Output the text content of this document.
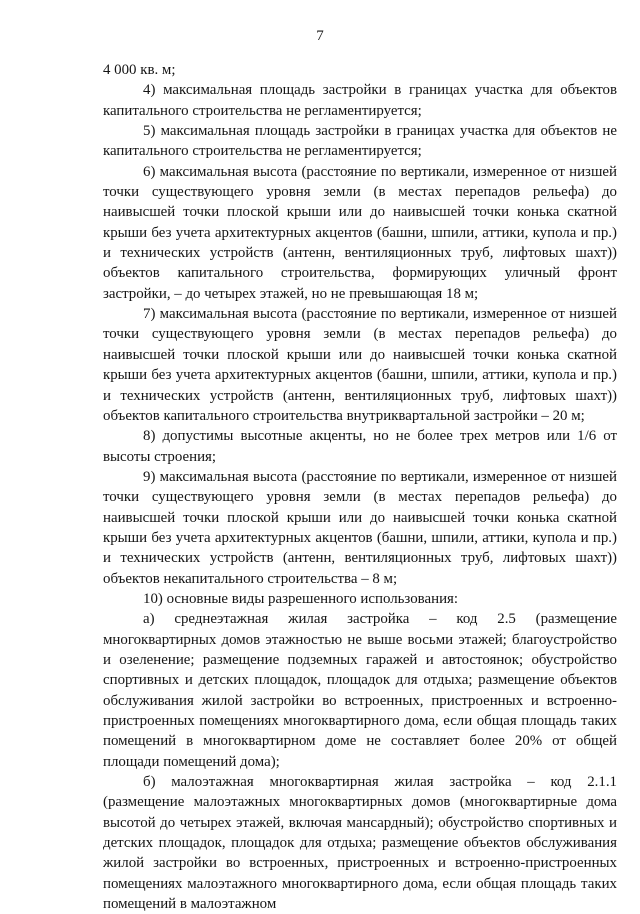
7

4 000 кв. м;

4) максимальная площадь застройки в границах участка для объектов капитального строительства не регламентируется;

5) максимальная площадь застройки в границах участка для объектов не капитального строительства не регламентируется;

6) максимальная высота (расстояние по вертикали, измеренное от низшей точки существующего уровня земли (в местах перепадов рельефа) до наивысшей точки плоской крыши или до наивысшей точки конька скатной крыши без учета архитектурных акцентов (башни, шпили, аттики, купола и пр.) и технических устройств (антенн, вентиляционных труб, лифтовых шахт)) объектов капитального строительства, формирующих уличный фронт застройки, – до четырех этажей, но не превышающая 18 м;

7) максимальная высота (расстояние по вертикали, измеренное от низшей точки существующего уровня земли (в местах перепадов рельефа) до наивысшей точки плоской крыши или до наивысшей точки конька скатной крыши без учета архитектурных акцентов (башни, шпили, аттики, купола и пр.) и технических устройств (антенн, вентиляционных труб, лифтовых шахт)) объектов капитального строительства внутриквартальной застройки – 20 м;

8) допустимы высотные акценты, но не более трех метров или 1/6 от высоты строения;

9) максимальная высота (расстояние по вертикали, измеренное от низшей точки существующего уровня земли (в местах перепадов рельефа) до наивысшей точки плоской крыши или до наивысшей точки конька скатной крыши без учета архитектурных акцентов (башни, шпили, аттики, купола и пр.) и технических устройств (антенн, вентиляционных труб, лифтовых шахт)) объектов некапитального строительства – 8 м;

10) основные виды разрешенного использования:

а) среднеэтажная жилая застройка – код 2.5 (размещение многоквартирных домов этажностью не выше восьми этажей; благоустройство и озеленение; размещение подземных гаражей и автостоянок; обустройство спортивных и детских площадок, площадок для отдыха; размещение объектов обслуживания жилой застройки во встроенных, пристроенных и встроенно-пристроенных помещениях многоквартирного дома, если общая площадь таких помещений в многоквартирном доме не составляет более 20% от общей площади помещений дома);

б) малоэтажная многоквартирная жилая застройка – код 2.1.1 (размещение малоэтажных многоквартирных домов (многоквартирные дома высотой до четырех этажей, включая мансардный); обустройство спортивных и детских площадок, площадок для отдыха; размещение объектов обслуживания жилой застройки во встроенных, пристроенных и встроенно-пристроенных помещениях малоэтажного многоквартирного дома, если общая площадь таких помещений в малоэтажном
